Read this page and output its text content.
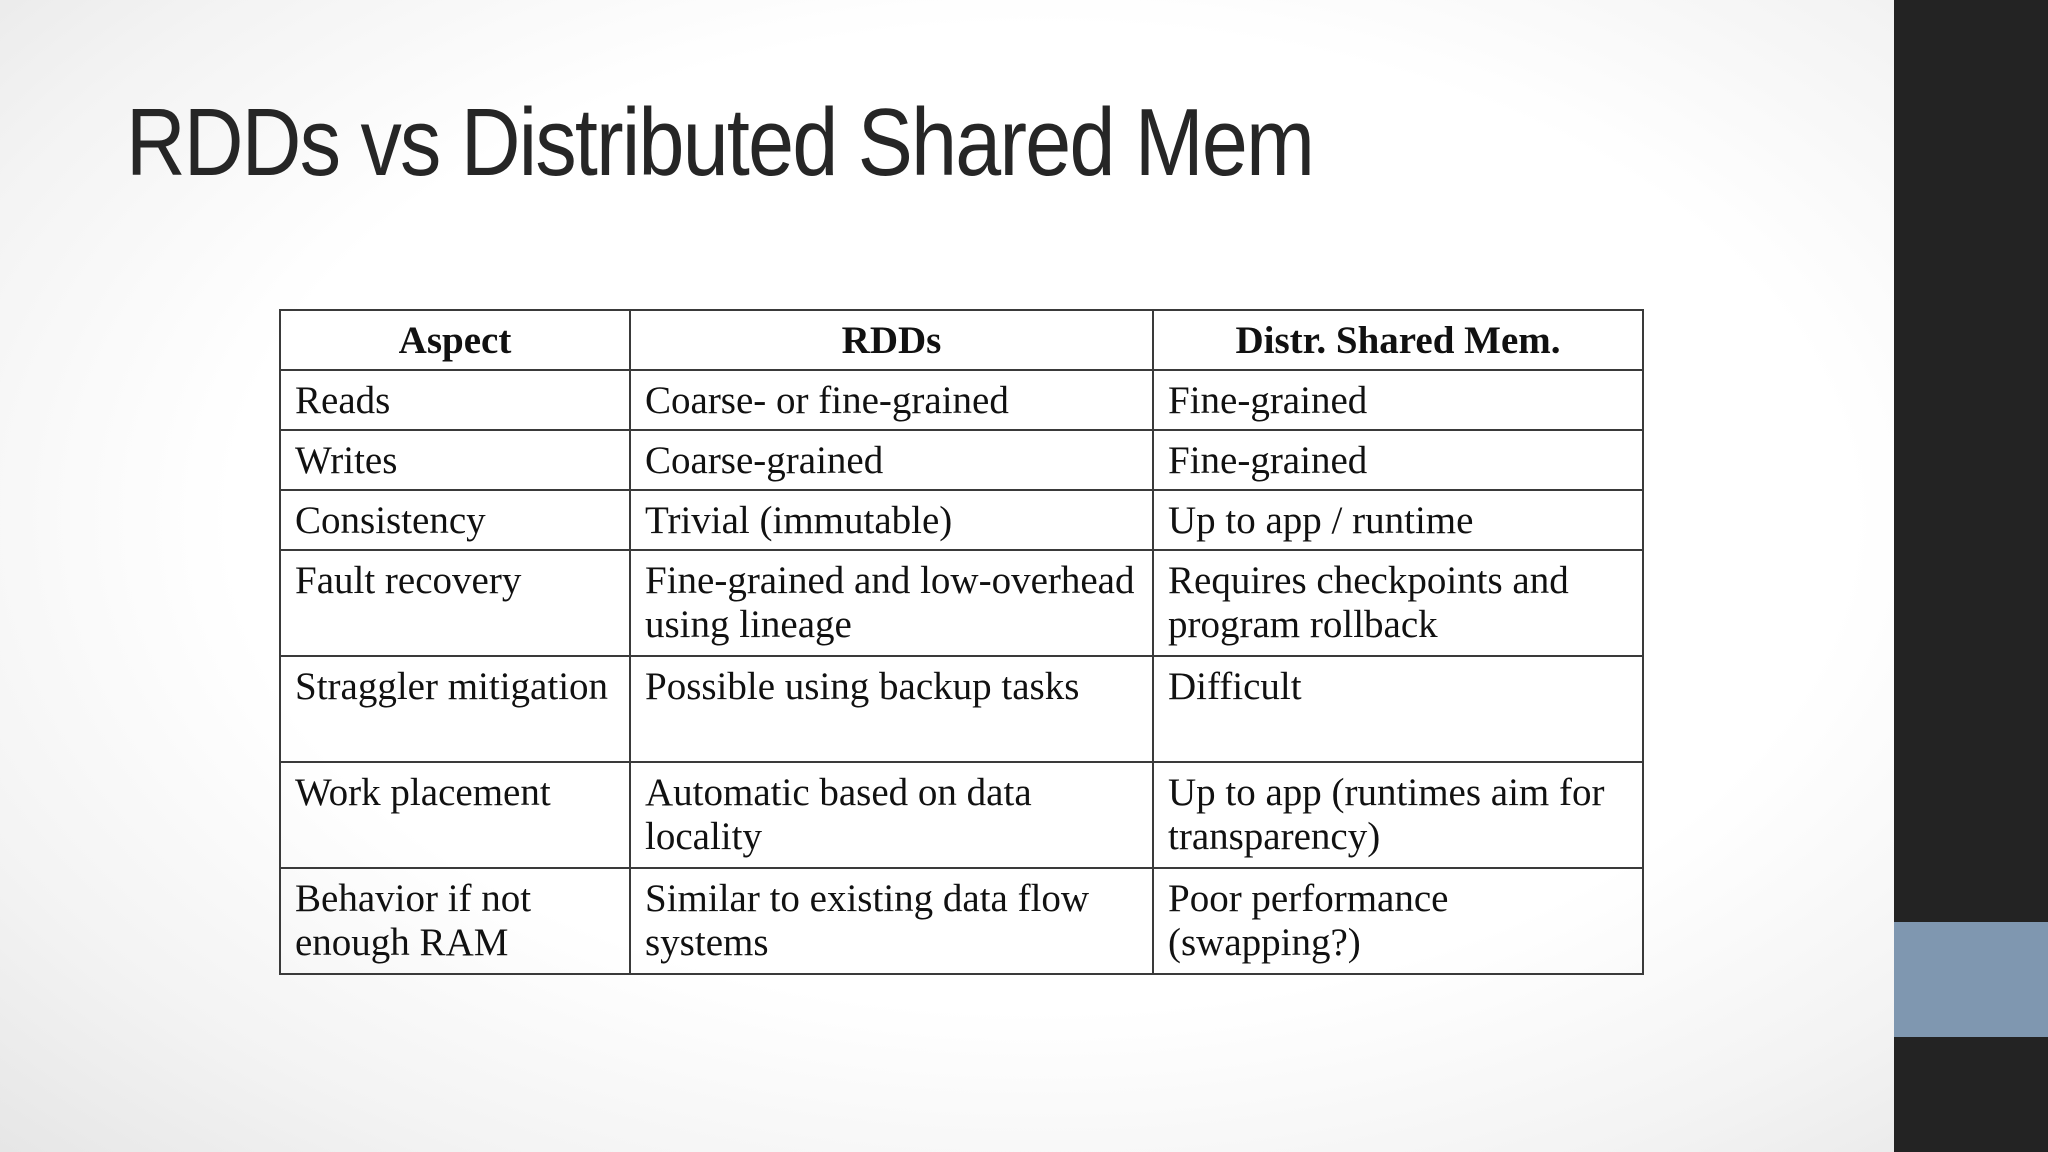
RDDs vs Distributed Shared Mem
Aspect	RDDs	Distr. Shared Mem.
Reads	Coarse- or fine-grained	Fine-grained
Writes	Coarse-grained	Fine-grained
Consistency	Trivial (immutable)	Up to app / runtime
Fault recovery	Fine-grained and low-overhead using lineage	Requires checkpoints and program rollback
Straggler mitigation	Possible using backup tasks	Difficult
Work placement	Automatic based on data locality	Up to app (runtimes aim for transparency)
Behavior if not enough RAM	Similar to existing data flow systems	Poor performance (swapping?)
